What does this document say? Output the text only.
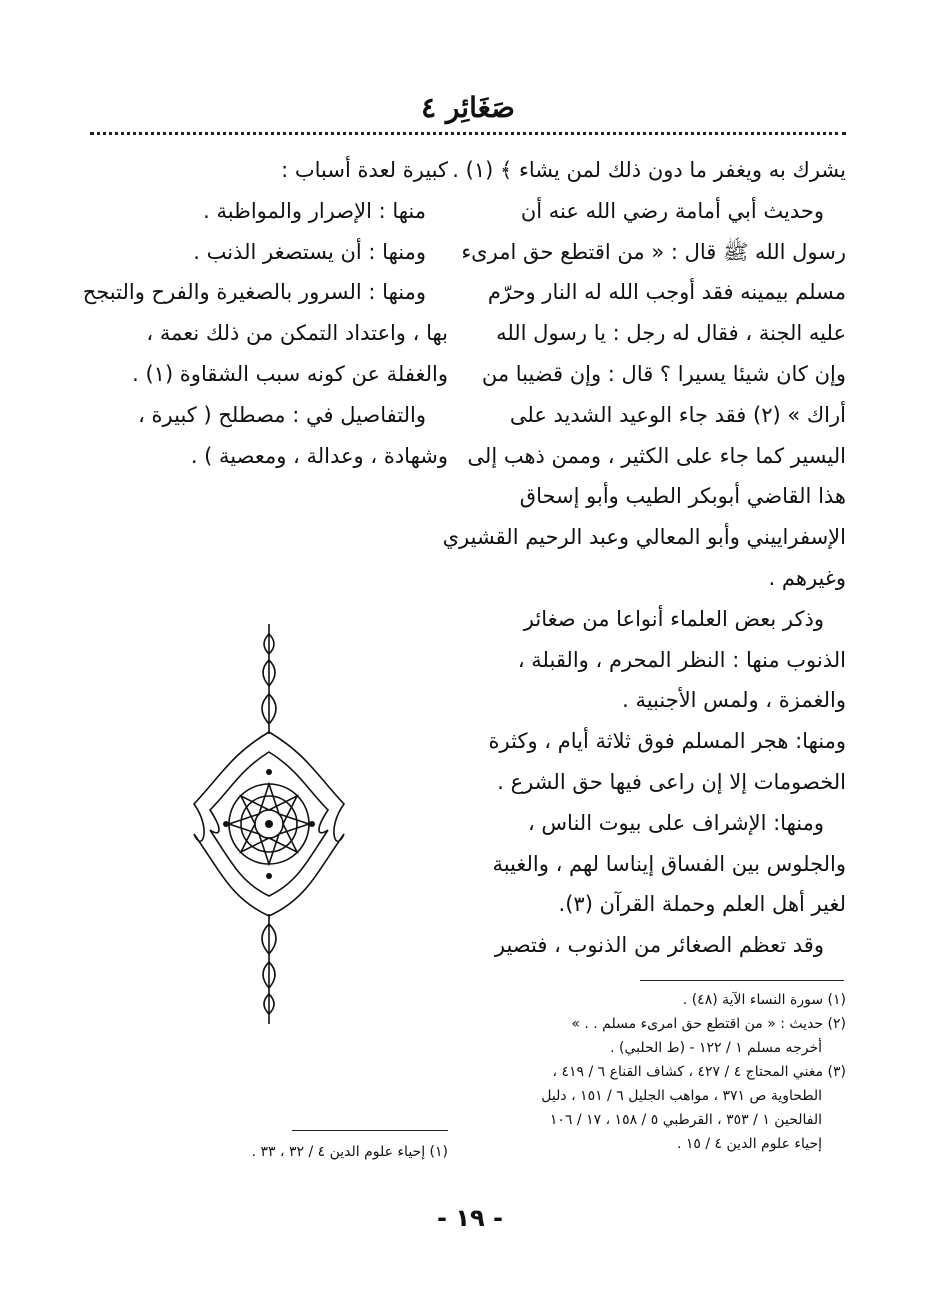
صَغَائِر ٤
يشرك به ويغفر ما دون ذلك لمن يشاء ﴾ (١) .
وحديث أبي أمامة رضي الله عنه أن
رسول الله ﷺ قال : « من اقتطع حق امرىء
مسلم بيمينه فقد أوجب الله له النار وحرّم
عليه الجنة ، فقال له رجل : يا رسول الله
وإن كان شيئا يسيرا ؟ قال : وإن قضيبا من
أراك » (٢) فقد جاء الوعيد الشديد على
اليسير كما جاء على الكثير ، وممن ذهب إلى
هذا القاضي أبوبكر الطيب وأبو إسحاق
الإسفراييني وأبو المعالي وعبد الرحيم القشيري
وغيرهم .
وذكر بعض العلماء أنواعا من صغائر
الذنوب منها : النظر المحرم ، والقبلة ،
والغمزة ، ولمس الأجنبية .
ومنها: هجر المسلم فوق ثلاثة أيام ، وكثرة
الخصومات إلا إن راعى فيها حق الشرع .
ومنها: الإشراف على بيوت الناس ،
والجلوس بين الفساق إيناسا لهم ، والغيبة
لغير أهل العلم وحملة القرآن (٣).
وقد تعظم الصغائر من الذنوب ، فتصير
كبيرة لعدة أسباب :
منها : الإصرار والمواظبة .
ومنها : أن يستصغر الذنب .
ومنها : السرور بالصغيرة والفرح والتبجح
بها ، واعتداد التمكن من ذلك نعمة ،
والغفلة عن كونه سبب الشقاوة (١) .
والتفاصيل في : مصطلح ( كبيرة ،
وشهادة ، وعدالة ، ومعصية ) .
(١) سورة النساء الآية (٤٨) .
(٢) حديث : « من اقتطع حق امرىء مسلم . . »
أخرجه مسلم ١ / ١٢٢ - (ط الحلبي) .
(٣) مغني المحتاج ٤ / ٤٢٧ ، كشاف القناع ٦ / ٤١٩ ،
الطحاوية ص ٣٧١ ، مواهب الجليل ٦ / ١٥١ ، دليل
الفالحين ١ / ٣٥٣ ، القرطبي ٥ / ١٥٨ ، ١٧ / ١٠٦
إحياء علوم الدين ٤ / ١٥ .
(١) إحياء علوم الدين ٤ / ٣٢ ، ٣٣ .
- ١٩ -
